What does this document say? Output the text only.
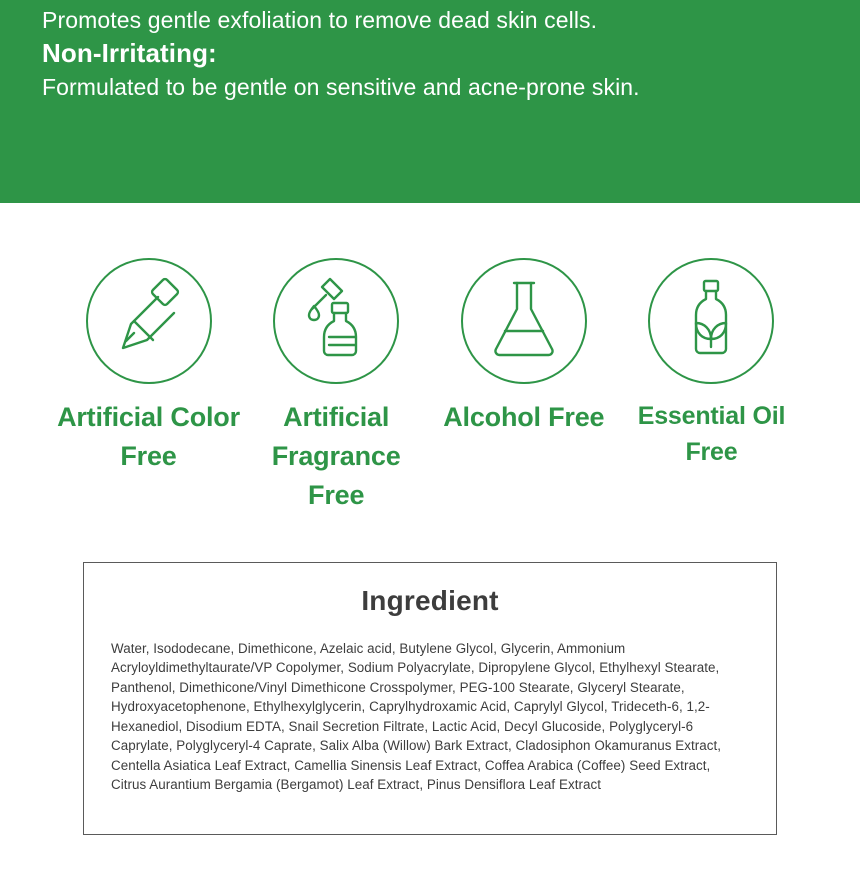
Promotes gentle exfoliation to remove dead skin cells.
Non-Irritating:
Formulated to be gentle on sensitive and acne-prone skin.
Artificial Color Free
Artificial Fragrance Free
Alcohol Free	Essential Oil Free
Ingredient
Water, Isododecane, Dimethicone, Azelaic acid, Butylene Glycol, Glycerin, Ammonium Acryloyldimethyltaurate/VP Copolymer, Sodium Polyacrylate, Dipropylene Glycol, Ethylhexyl Stearate, Panthenol, Dimethicone/Vinyl Dimethicone Crosspolymer, PEG-100 Stearate, Glyceryl Stearate, Hydroxyacetophenone, Ethylhexylglycerin, Caprylhydroxamic Acid, Caprylyl Glycol, Trideceth-6, 1,2-Hexanediol, Disodium EDTA, Snail Secretion Filtrate, Lactic Acid, Decyl Glucoside, Polyglyceryl-6 Caprylate, Polyglyceryl-4 Caprate, Salix Alba (Willow) Bark Extract, Cladosiphon Okamuranus Extract, Centella Asiatica Leaf Extract, Camellia Sinensis Leaf Extract, Coffea Arabica (Coffee) Seed Extract, Citrus Aurantium Bergamia (Bergamot) Leaf Extract, Pinus Densiflora Leaf Extract
